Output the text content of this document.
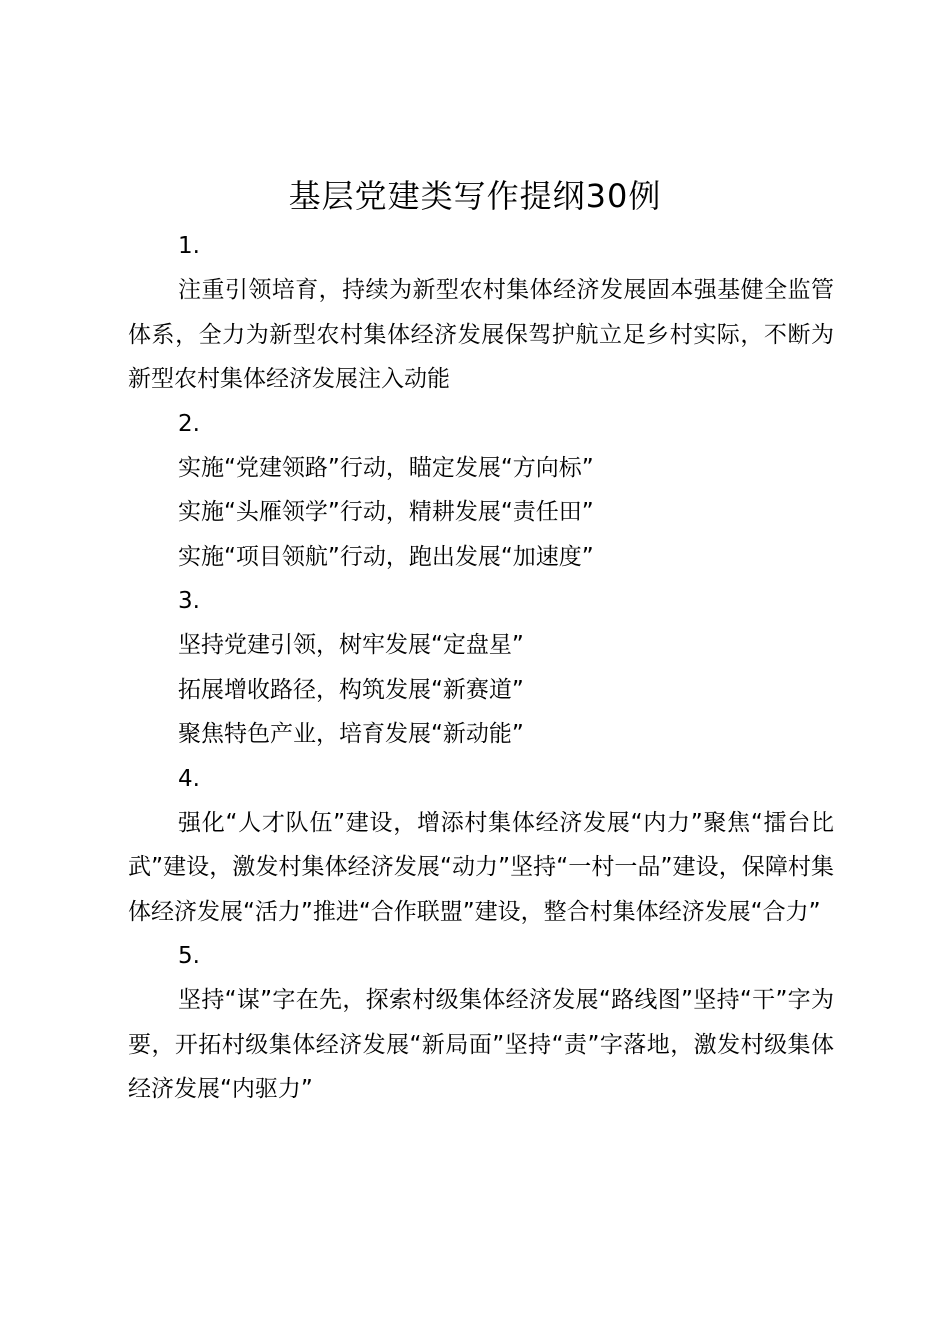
基层党建类写作提纲30例
1.

注重引领培育，持续为新型农村集体经济发展固本强基健全监管体系，全力为新型农村集体经济发展保驾护航立足乡村实际，不断为新型农村集体经济发展注入动能

2.

实施“党建领路”行动，瞄定发展“方向标”

实施“头雁领学”行动，精耕发展“责任田”

实施“项目领航”行动，跑出发展“加速度”

3.

坚持党建引领，树牢发展“定盘星”

拓展增收路径，构筑发展“新赛道”

聚焦特色产业，培育发展“新动能”

4.

强化“人才队伍”建设，增添村集体经济发展“内力”聚焦“擂台比武”建设，激发村集体经济发展“动力”坚持“一村一品”建设，保障村集体经济发展“活力”推进“合作联盟”建设，整合村集体经济发展“合力”

5.

坚持“谋”字在先，探索村级集体经济发展“路线图”坚持“干”字为要，开拓村级集体经济发展“新局面”坚持“责”字落地，激发村级集体经济发展“内驱力”
